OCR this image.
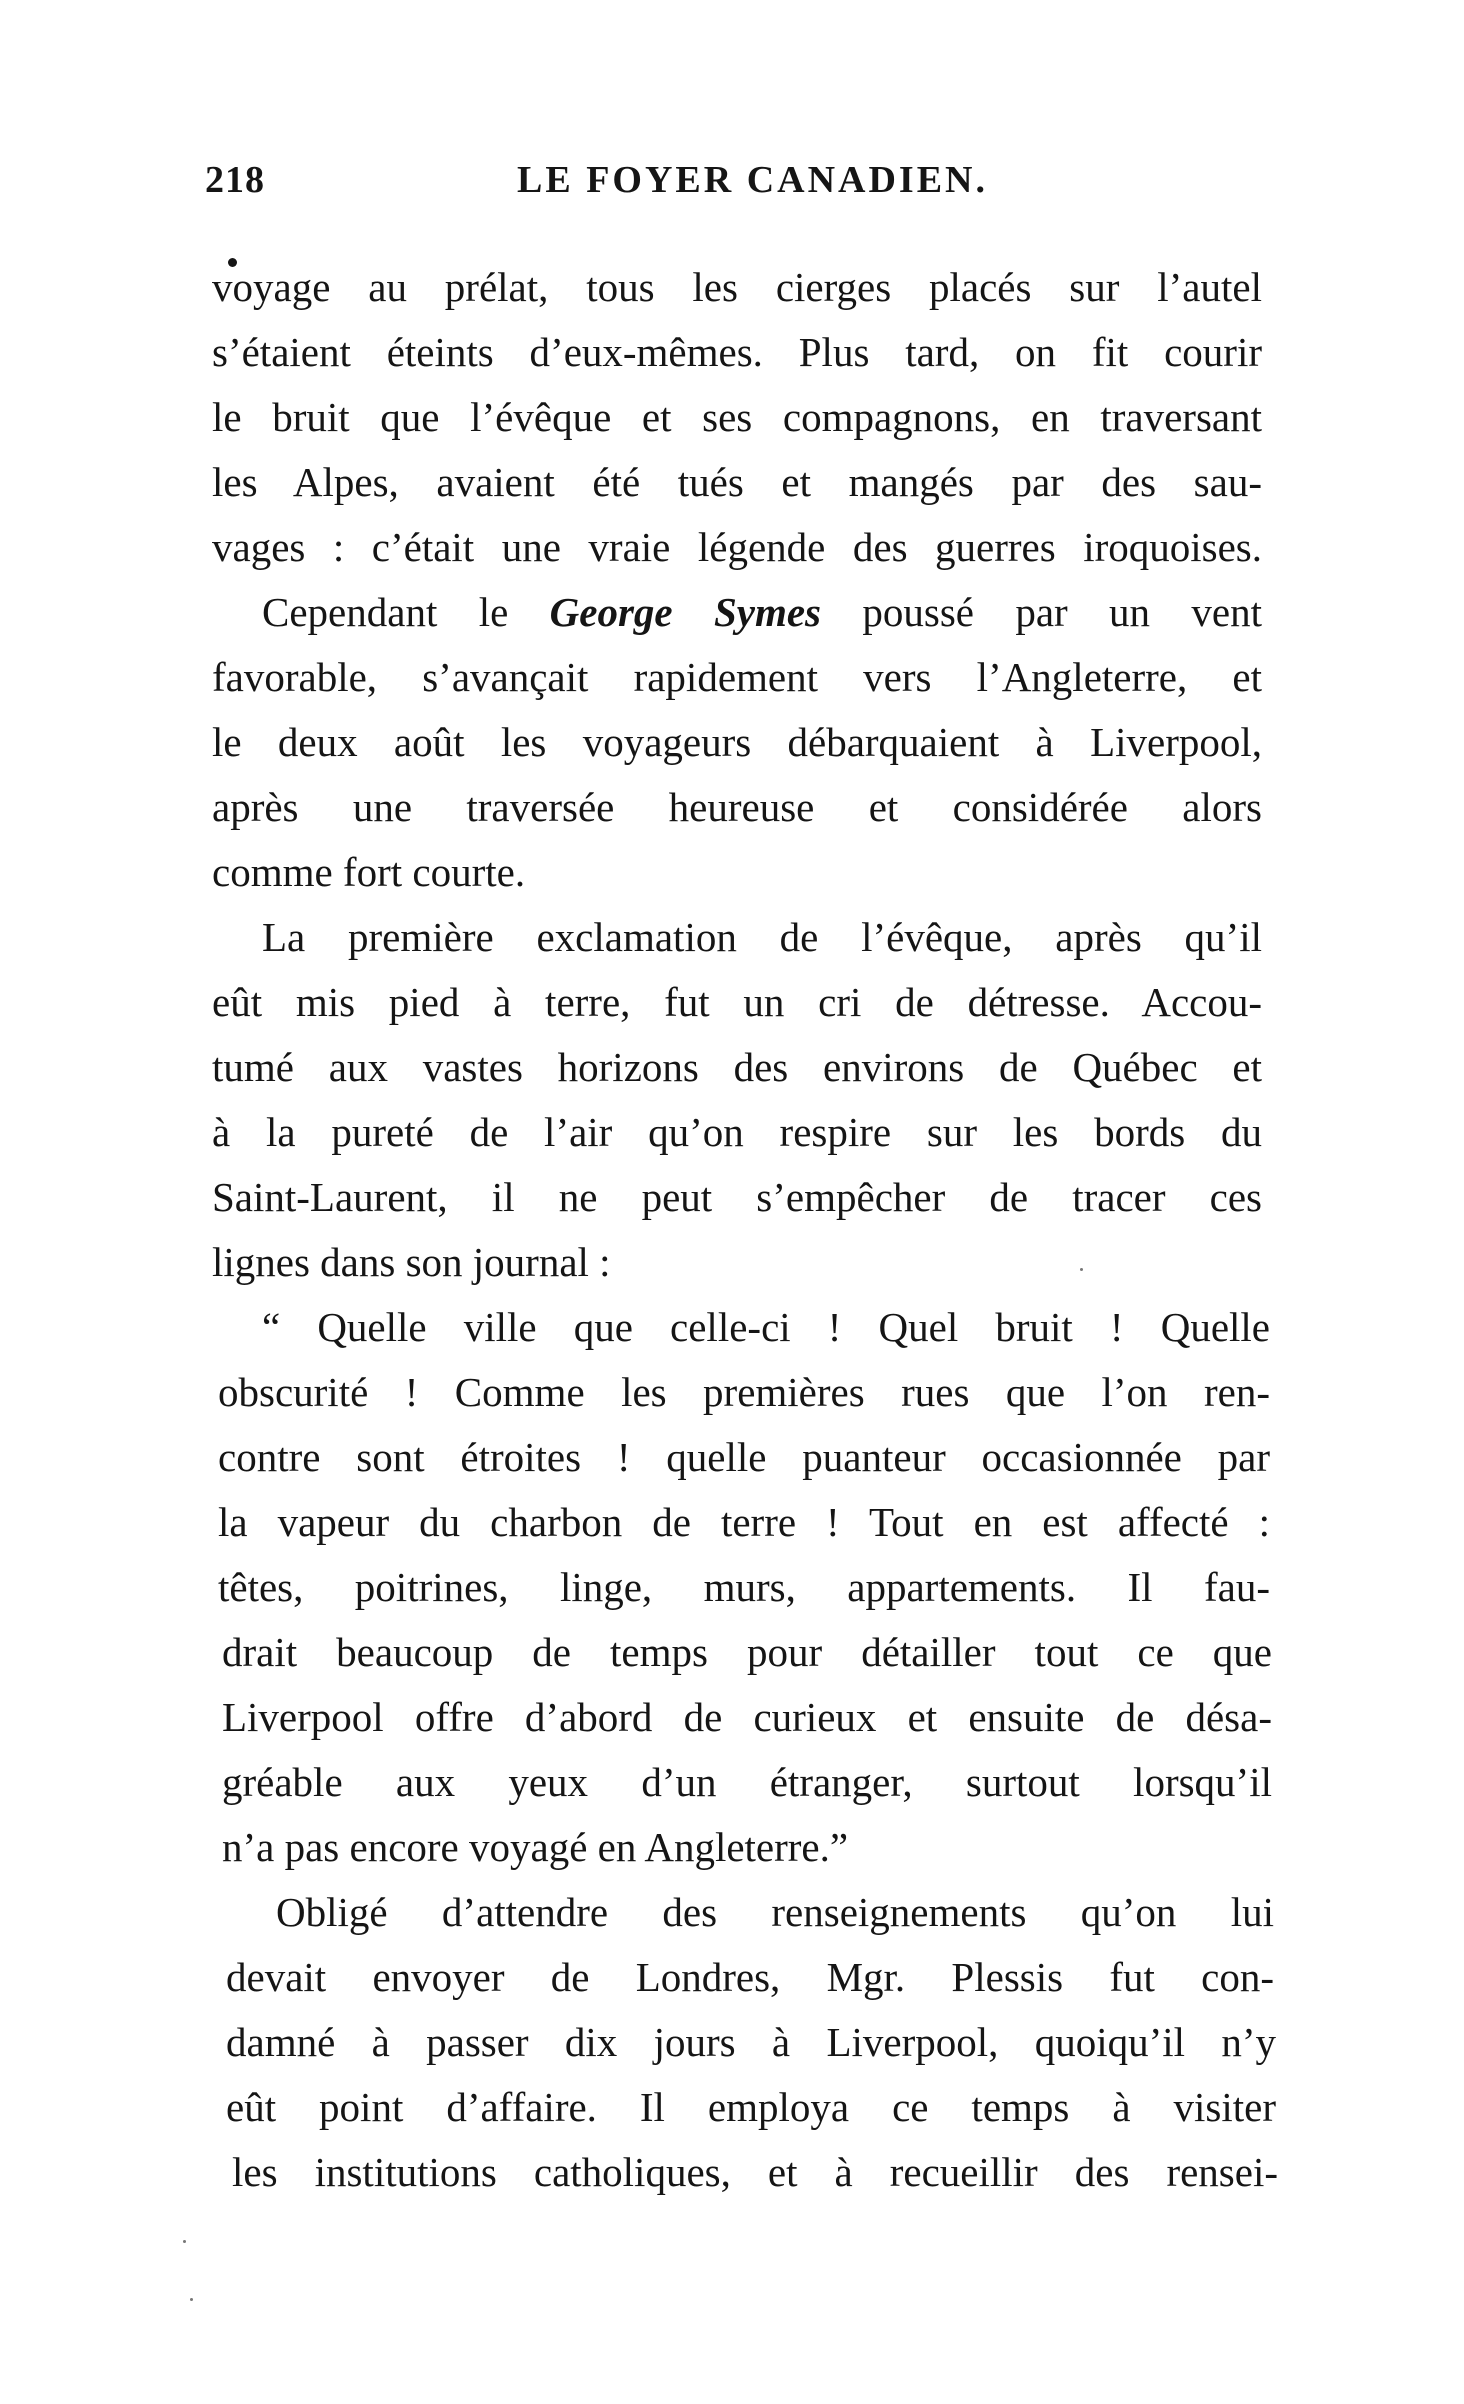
218	LE FOYER CANADIEN.
voyage au prélat, tous les cierges placés sur l’autel
s’étaient éteints d’eux-mêmes. Plus tard, on fit courir
le bruit que l’évêque et ses compagnons, en traversant
les Alpes, avaient été tués et mangés par des sau-
vages : c’était une vraie légende des guerres iroquoises.
Cependant le George Symes poussé par un vent
favorable, s’avançait rapidement vers l’Angleterre, et
le deux août les voyageurs débarquaient à Liverpool,
après une traversée heureuse et considérée alors
comme fort courte.
La première exclamation de l’évêque, après qu’il
eût mis pied à terre, fut un cri de détresse. Accou-
tumé aux vastes horizons des environs de Québec et
à la pureté de l’air qu’on respire sur les bords du
Saint-Laurent, il ne peut s’empêcher de tracer ces
lignes dans son journal :
“ Quelle ville que celle-ci ! Quel bruit ! Quelle
obscurité ! Comme les premières rues que l’on ren-
contre sont étroites ! quelle puanteur occasionnée par
la vapeur du charbon de terre ! Tout en est affecté :
têtes, poitrines, linge, murs, appartements. Il fau-
drait beaucoup de temps pour détailler tout ce que
Liverpool offre d’abord de curieux et ensuite de désa-
gréable aux yeux d’un étranger, surtout lorsqu’il
n’a pas encore voyagé en Angleterre.”
Obligé d’attendre des renseignements qu’on lui
devait envoyer de Londres, Mgr. Plessis fut con-
damné à passer dix jours à Liverpool, quoiqu’il n’y
eût point d’affaire. Il employa ce temps à visiter
les institutions catholiques, et à recueillir des rensei-
